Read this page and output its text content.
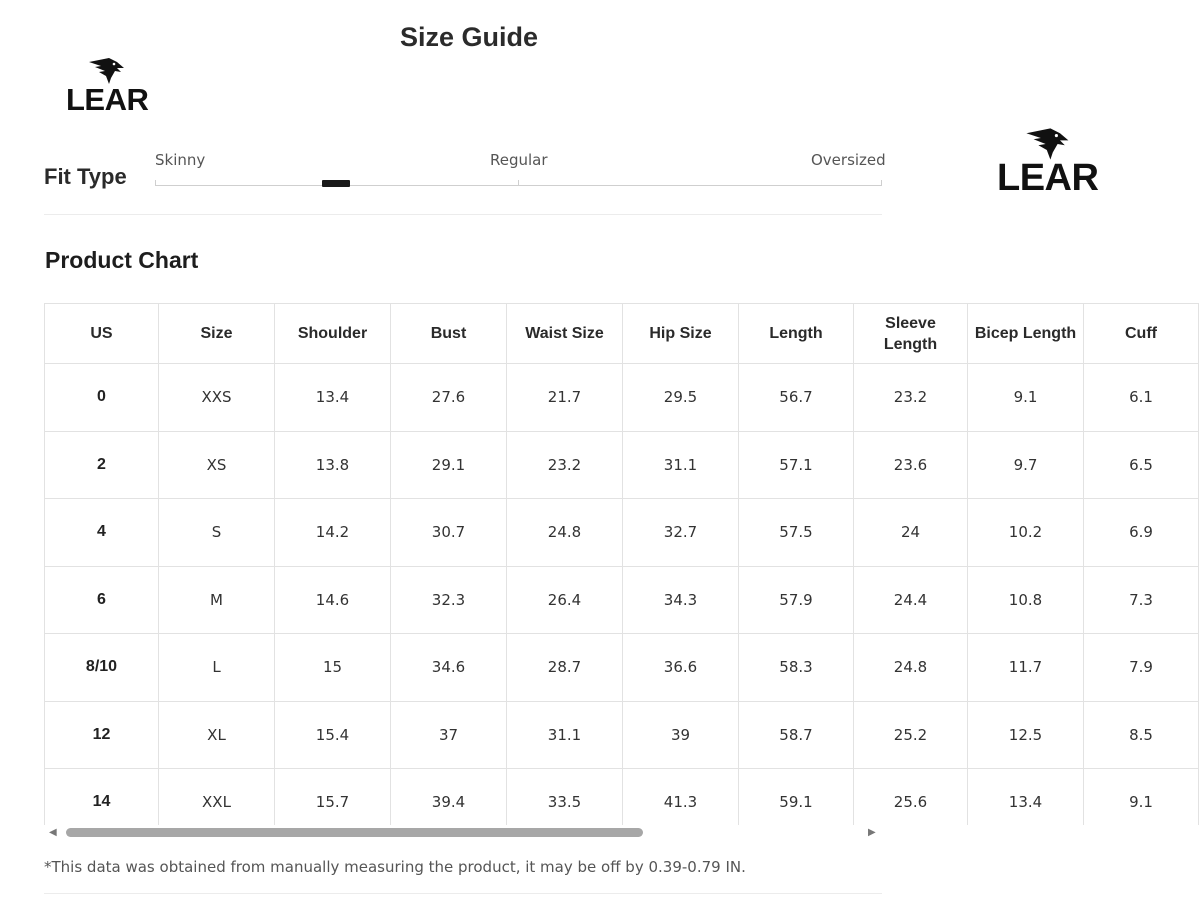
Size Guide
LEAR
LEAR
Fit Type
Skinny	Regular	Oversized
Product Chart
US	Size	Shoulder	Bust	Waist Size	Hip Size	Length	Sleeve Length	Bicep Length	Cuff
0	XXS	13.4	27.6	21.7	29.5	56.7	23.2	9.1	6.1
2	XS	13.8	29.1	23.2	31.1	57.1	23.6	9.7	6.5
4	S	14.2	30.7	24.8	32.7	57.5	24	10.2	6.9
6	M	14.6	32.3	26.4	34.3	57.9	24.4	10.8	7.3
8/10	L	15	34.6	28.7	36.6	58.3	24.8	11.7	7.9
12	XL	15.4	37	31.1	39	58.7	25.2	12.5	8.5
14	XXL	15.7	39.4	33.5	41.3	59.1	25.6	13.4	9.1
◀	▶
*This data was obtained from manually measuring the product, it may be off by 0.39-0.79 IN.
